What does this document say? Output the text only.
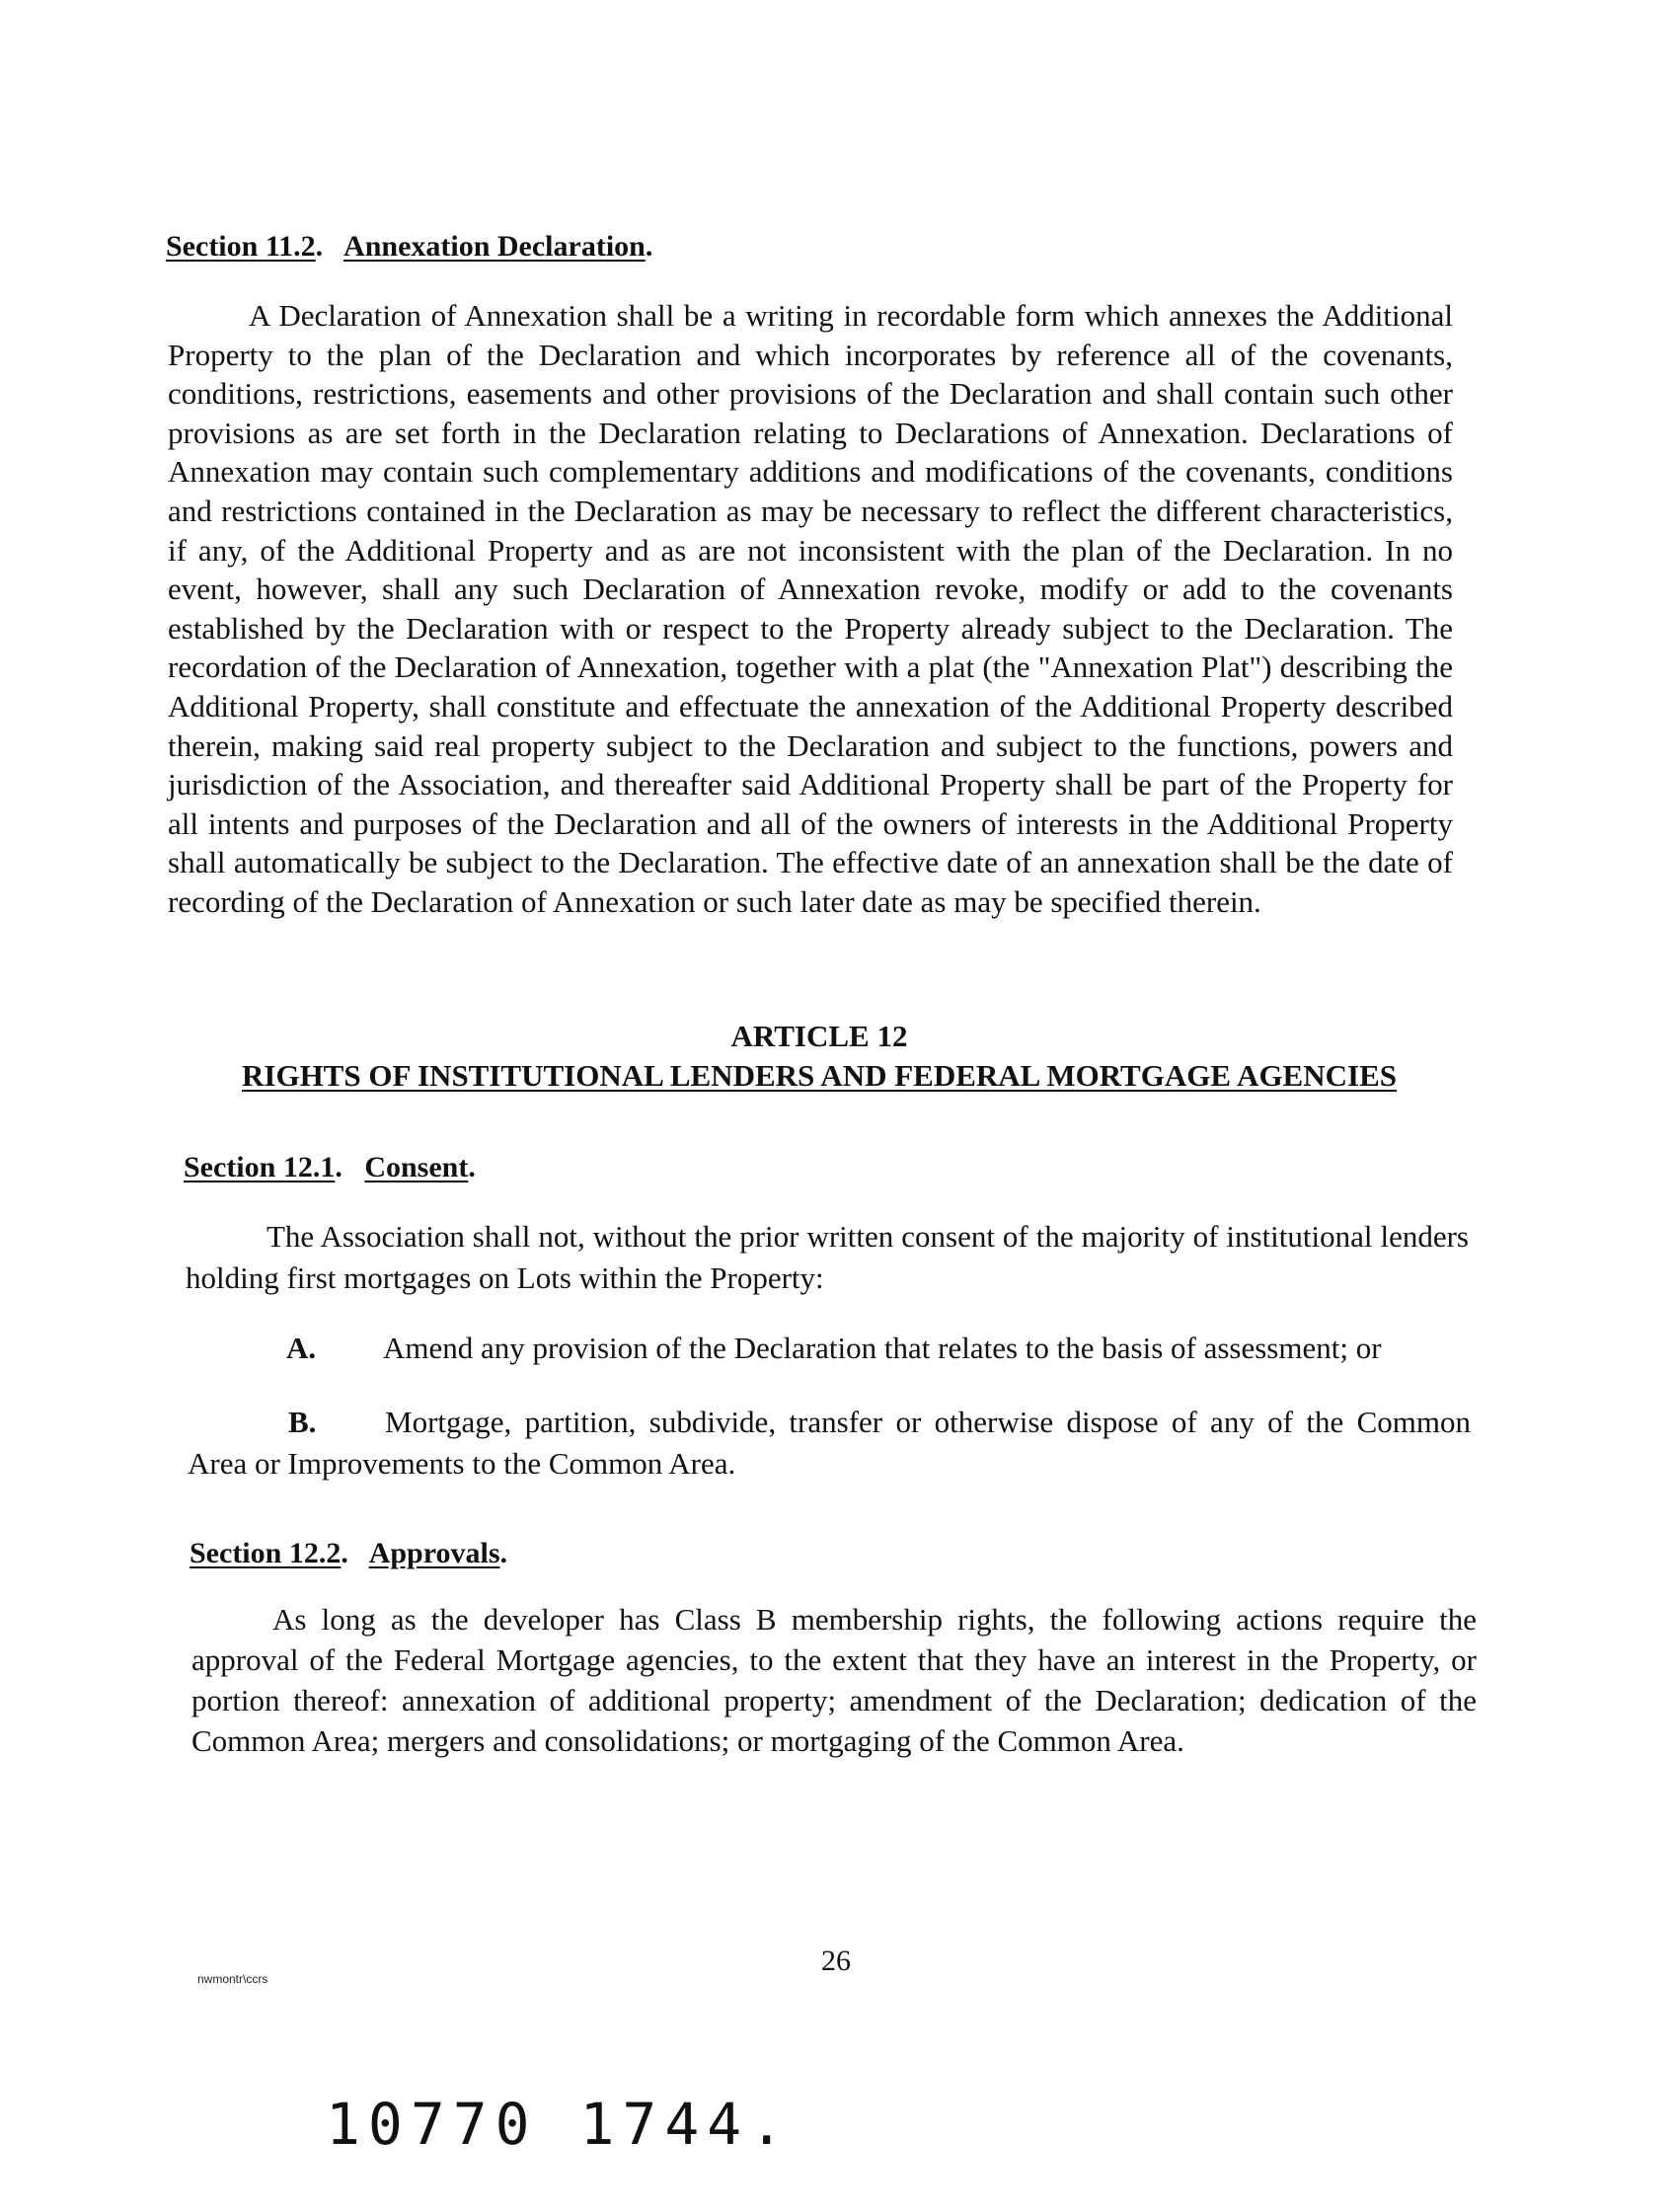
Section 11.2.   Annexation Declaration.
A Declaration of Annexation shall be a writing in recordable form which annexes the Additional Property to the plan of the Declaration and which incorporates by reference all of the covenants, conditions, restrictions, easements and other provisions of the Declaration and shall contain such other provisions as are set forth in the Declaration relating to Declarations of Annexation. Declarations of Annexation may contain such complementary additions and modifications of the covenants, conditions and restrictions contained in the Declaration as may be necessary to reflect the different characteristics, if any, of the Additional Property and as are not inconsistent with the plan of the Declaration. In no event, however, shall any such Declaration of Annexation revoke, modify or add to the covenants established by the Declaration with or respect to the Property already subject to the Declaration. The recordation of the Declaration of Annexation, together with a plat (the "Annexation Plat") describing the Additional Property, shall constitute and effectuate the annexation of the Additional Property described therein, making said real property subject to the Declaration and subject to the functions, powers and jurisdiction of the Association, and thereafter said Additional Property shall be part of the Property for all intents and purposes of the Declaration and all of the owners of interests in the Additional Property shall automatically be subject to the Declaration. The effective date of an annexation shall be the date of recording of the Declaration of Annexation or such later date as may be specified therein.
ARTICLE 12
RIGHTS OF INSTITUTIONAL LENDERS AND FEDERAL MORTGAGE AGENCIES
Section 12.1.   Consent.
The Association shall not, without the prior written consent of the majority of institutional lenders holding first mortgages on Lots within the Property:
A. Amend any provision of the Declaration that relates to the basis of assessment; or
B. Mortgage, partition, subdivide, transfer or otherwise dispose of any of the Common Area or Improvements to the Common Area.
Section 12.2.   Approvals.
As long as the developer has Class B membership rights, the following actions require the approval of the Federal Mortgage agencies, to the extent that they have an interest in the Property, or portion thereof: annexation of additional property; amendment of the Declaration; dedication of the Common Area; mergers and consolidations; or mortgaging of the Common Area.
nwmontr\ccrs
26
10770 1744.
